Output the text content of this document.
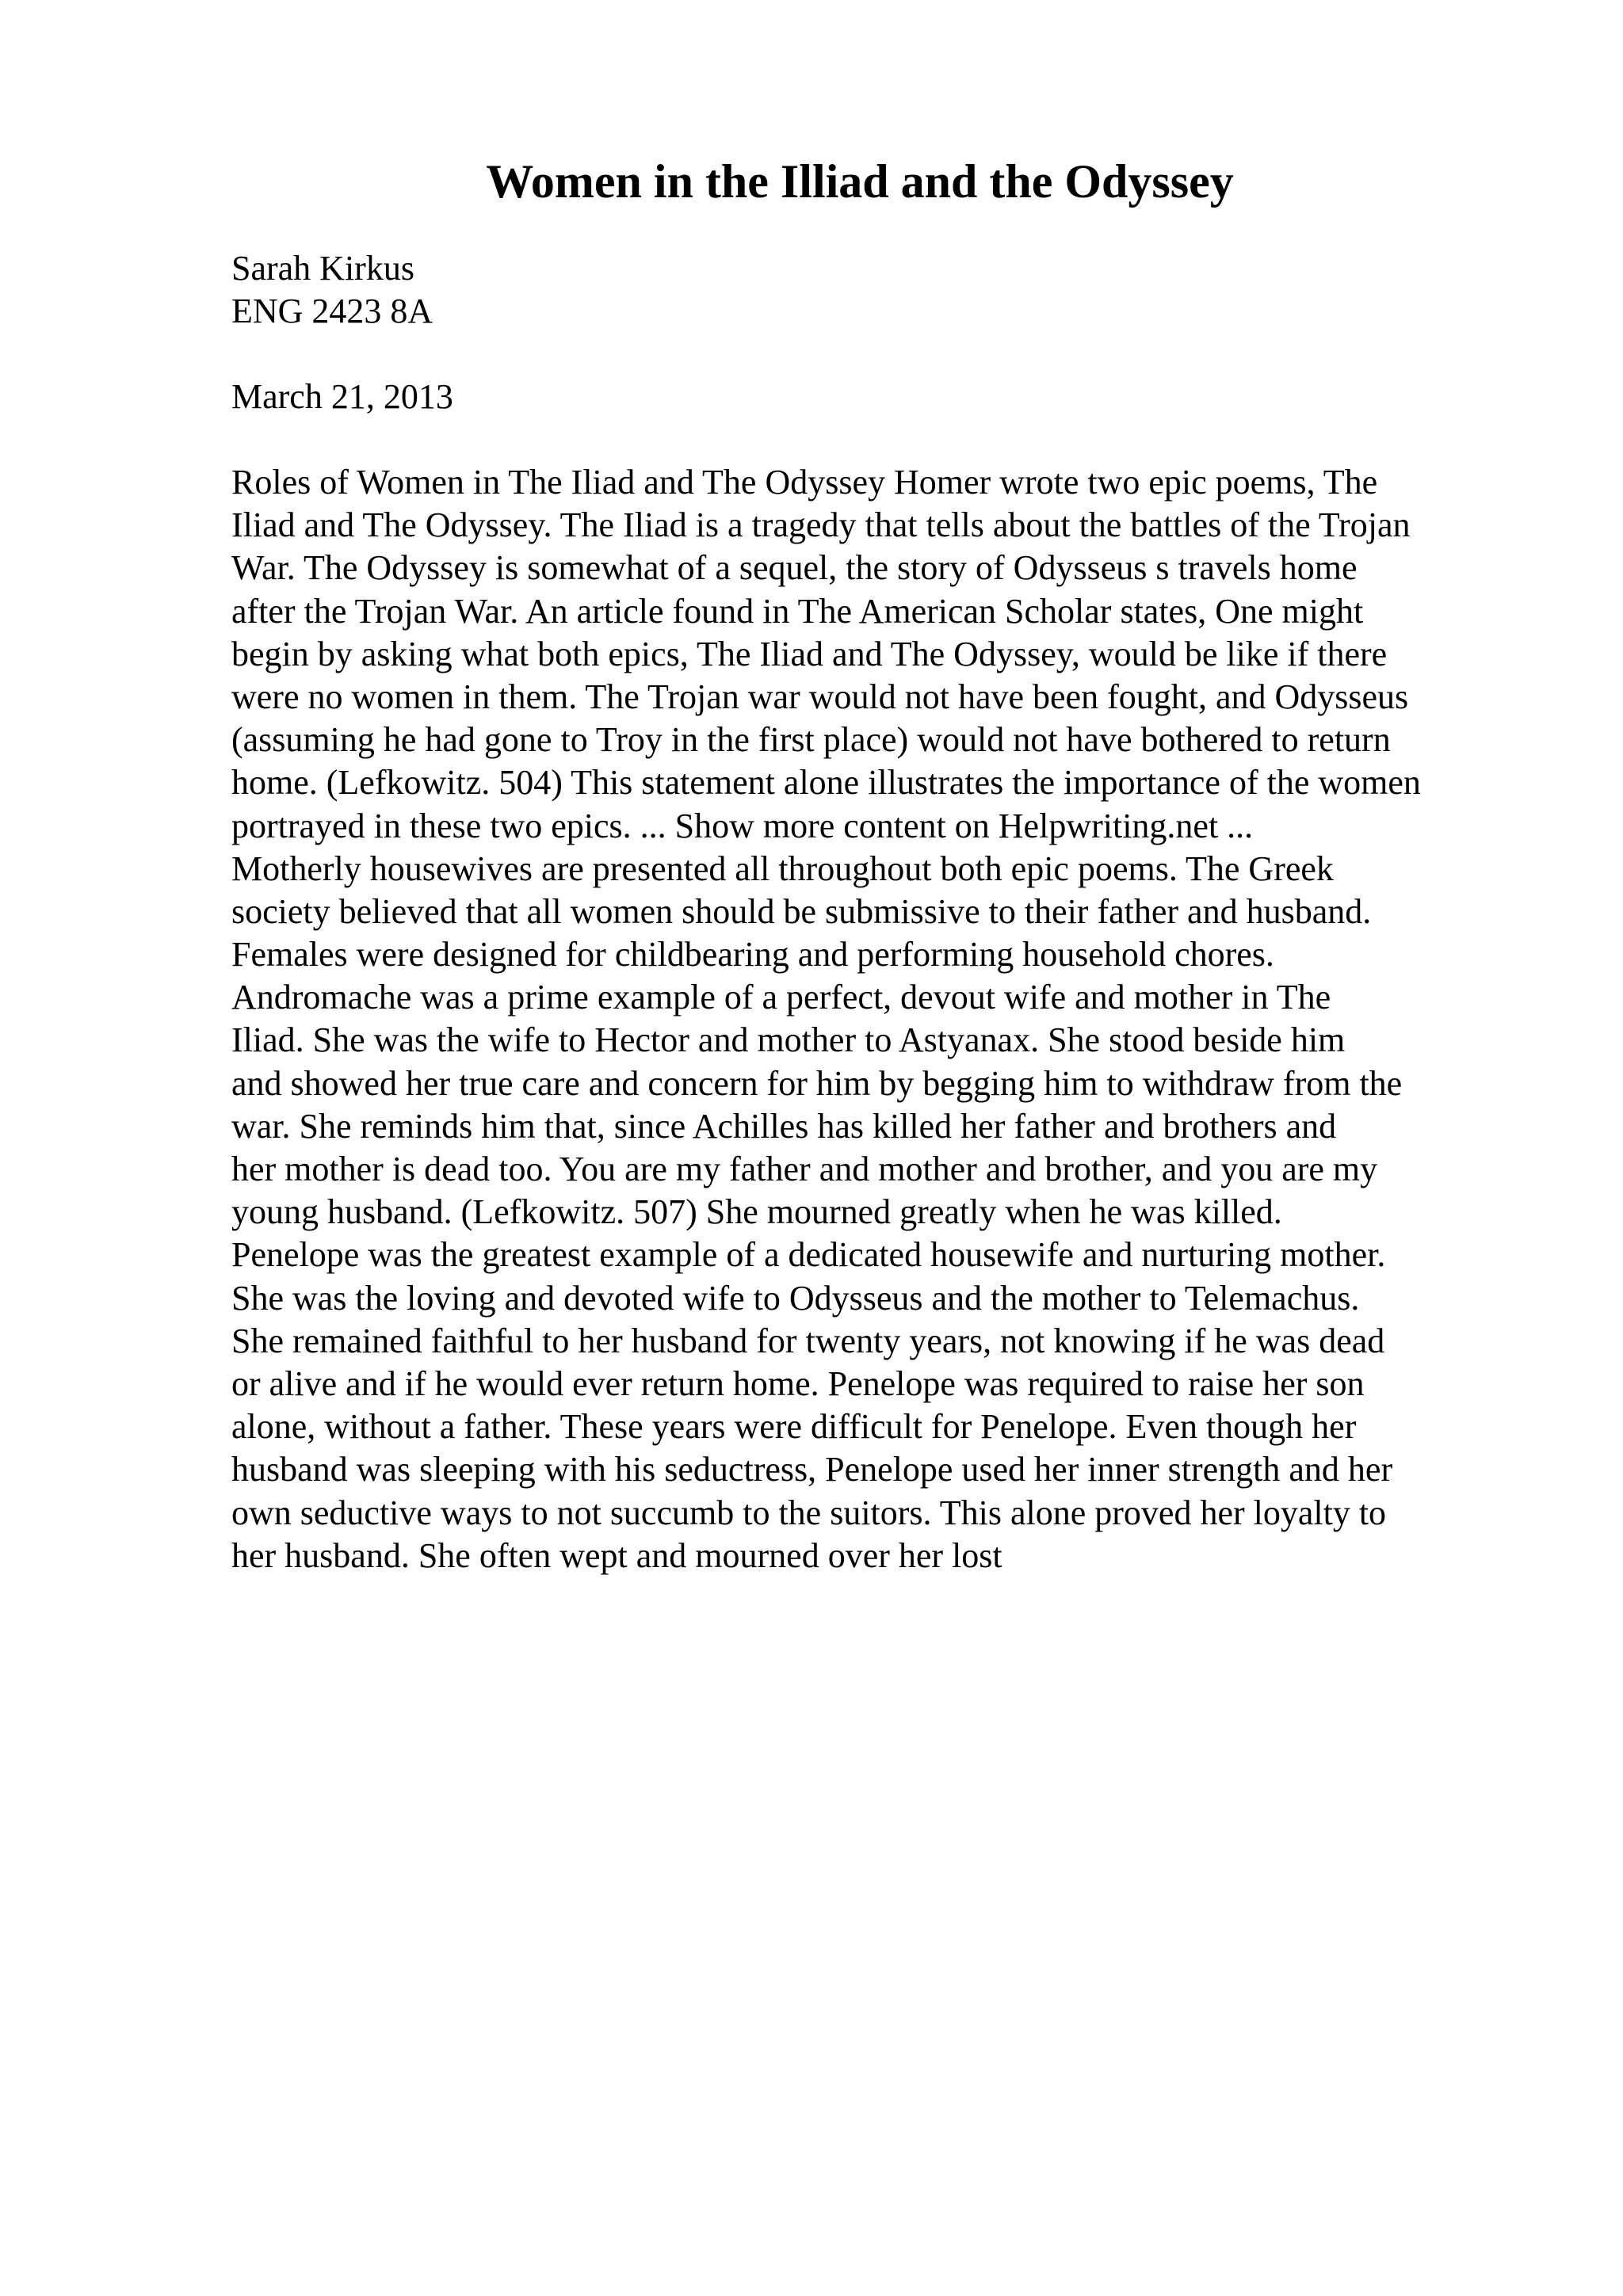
Women in the Illiad and the Odyssey
Sarah Kirkus
ENG 2423 8A
March 21, 2013
Roles of Women in The Iliad and The Odyssey Homer wrote two epic poems, The
Iliad and The Odyssey. The Iliad is a tragedy that tells about the battles of the Trojan
War. The Odyssey is somewhat of a sequel, the story of Odysseus s travels home
after the Trojan War. An article found in The American Scholar states, One might
begin by asking what both epics, The Iliad and The Odyssey, would be like if there
were no women in them. The Trojan war would not have been fought, and Odysseus
(assuming he had gone to Troy in the first place) would not have bothered to return
home. (Lefkowitz. 504) This statement alone illustrates the importance of the women
portrayed in these two epics. ... Show more content on Helpwriting.net ...
Motherly housewives are presented all throughout both epic poems. The Greek
society believed that all women should be submissive to their father and husband.
Females were designed for childbearing and performing household chores.
Andromache was a prime example of a perfect, devout wife and mother in The
Iliad. She was the wife to Hector and mother to Astyanax. She stood beside him
and showed her true care and concern for him by begging him to withdraw from the
war. She reminds him that, since Achilles has killed her father and brothers and
her mother is dead too. You are my father and mother and brother, and you are my
young husband. (Lefkowitz. 507) She mourned greatly when he was killed.
Penelope was the greatest example of a dedicated housewife and nurturing mother.
She was the loving and devoted wife to Odysseus and the mother to Telemachus.
She remained faithful to her husband for twenty years, not knowing if he was dead
or alive and if he would ever return home. Penelope was required to raise her son
alone, without a father. These years were difficult for Penelope. Even though her
husband was sleeping with his seductress, Penelope used her inner strength and her
own seductive ways to not succumb to the suitors. This alone proved her loyalty to
her husband. She often wept and mourned over her lost
